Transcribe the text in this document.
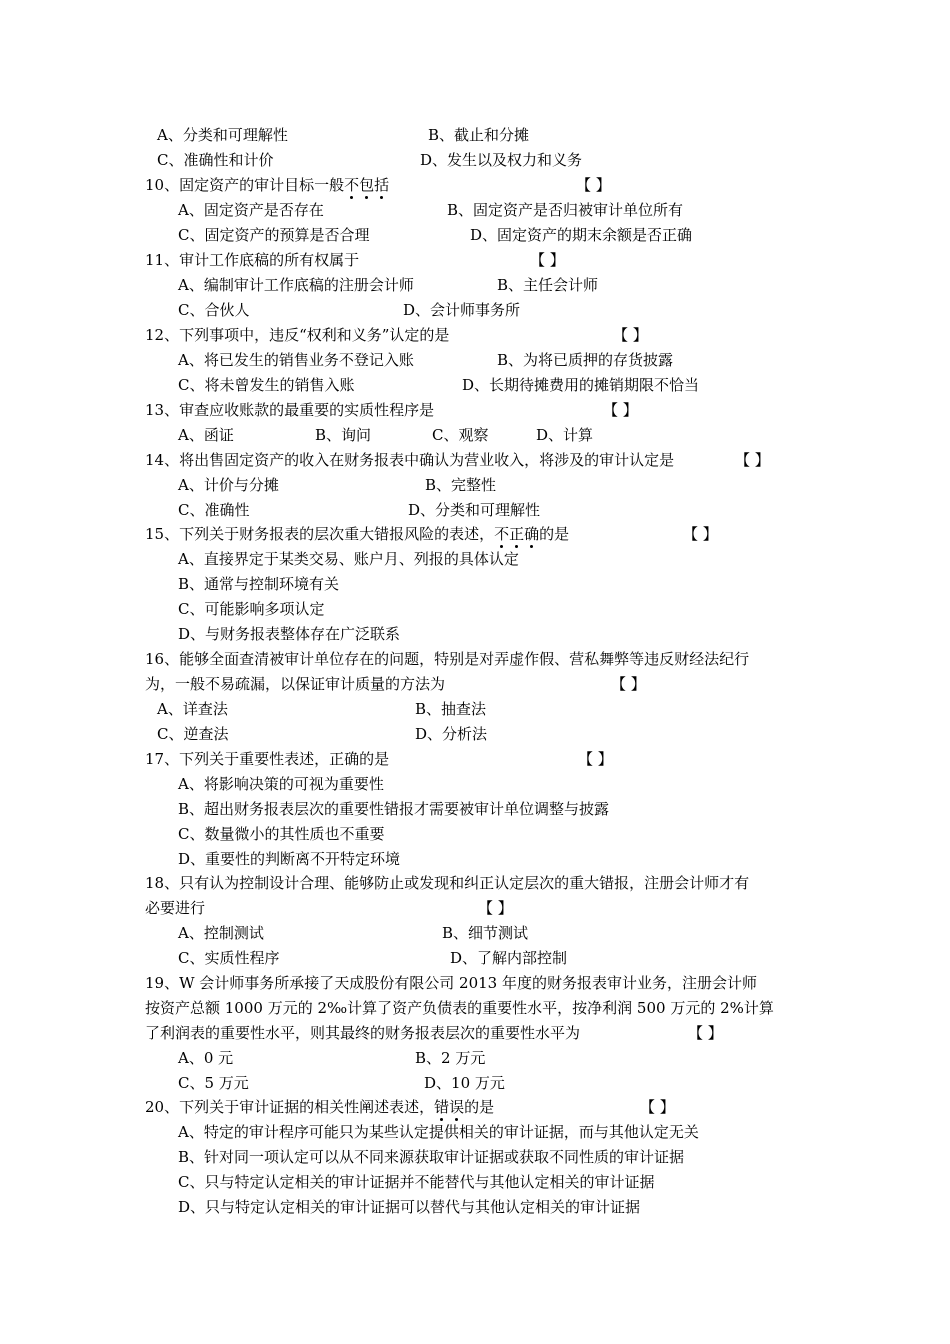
A、分类和可理解性	B、截止和分摊
C、准确性和计价	D、发生以及权力和义务
10、固定资产的审计目标一般不包括	【 】
A、固定资产是否存在	B、固定资产是否归被审计单位所有
C、固定资产的预算是否合理	D、固定资产的期末余额是否正确
11、审计工作底稿的所有权属于	【 】
A、编制审计工作底稿的注册会计师	B、主任会计师
C、合伙人	D、会计师事务所
12、下列事项中，违反“权利和义务”认定的是	【 】
A、将已发生的销售业务不登记入账	B、为将已质押的存货披露
C、将未曾发生的销售入账	D、长期待摊费用的摊销期限不恰当
13、审查应收账款的最重要的实质性程序是	【 】
A、函证	B、询问	C、观察	D、计算
14、将出售固定资产的收入在财务报表中确认为营业收入，将涉及的审计认定是	【 】
A、计价与分摊	B、完整性
C、准确性	D、分类和可理解性
15、下列关于财务报表的层次重大错报风险的表述，不正确的是	【 】
A、直接界定于某类交易、账户月、列报的具体认定
B、通常与控制环境有关
C、可能影响多项认定
D、与财务报表整体存在广泛联系
16、能够全面查清被审计单位存在的问题，特别是对弄虚作假、营私舞弊等违反财经法纪行
为，一般不易疏漏，以保证审计质量的方法为	【 】
A、详查法	B、抽查法
C、逆查法	D、分析法
17、下列关于重要性表述，正确的是	【 】
A、将影响决策的可视为重要性
B、超出财务报表层次的重要性错报才需要被审计单位调整与披露
C、数量微小的其性质也不重要
D、重要性的判断离不开特定环境
18、只有认为控制设计合理、能够防止或发现和纠正认定层次的重大错报，注册会计师才有
必要进行	【 】
A、控制测试	B、细节测试
C、实质性程序	D、了解内部控制
19、W 会计师事务所承接了天成股份有限公司 2013 年度的财务报表审计业务，注册会计师
按资产总额 1000 万元的 2‰计算了资产负债表的重要性水平，按净利润 500 万元的 2%计算
了利润表的重要性水平，则其最终的财务报表层次的重要性水平为	【 】
A、0 元	B、2 万元
C、5 万元	D、10 万元
20、下列关于审计证据的相关性阐述表述，错误的是	【 】
A、特定的审计程序可能只为某些认定提供相关的审计证据，而与其他认定无关
B、针对同一项认定可以从不同来源获取审计证据或获取不同性质的审计证据
C、只与特定认定相关的审计证据并不能替代与其他认定相关的审计证据
D、只与特定认定相关的审计证据可以替代与其他认定相关的审计证据
